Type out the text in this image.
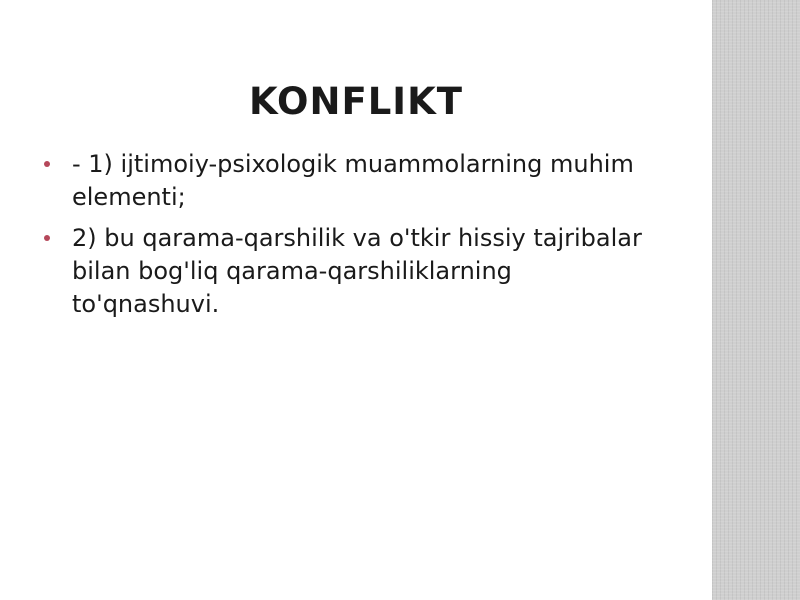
KONFLIKT
- 1) ijtimoiy-psixologik muammolarning muhim elementi;
2) bu qarama-qarshilik va o'tkir hissiy tajribalar bilan bog'liq qarama-qarshiliklarning to'qnashuvi.
